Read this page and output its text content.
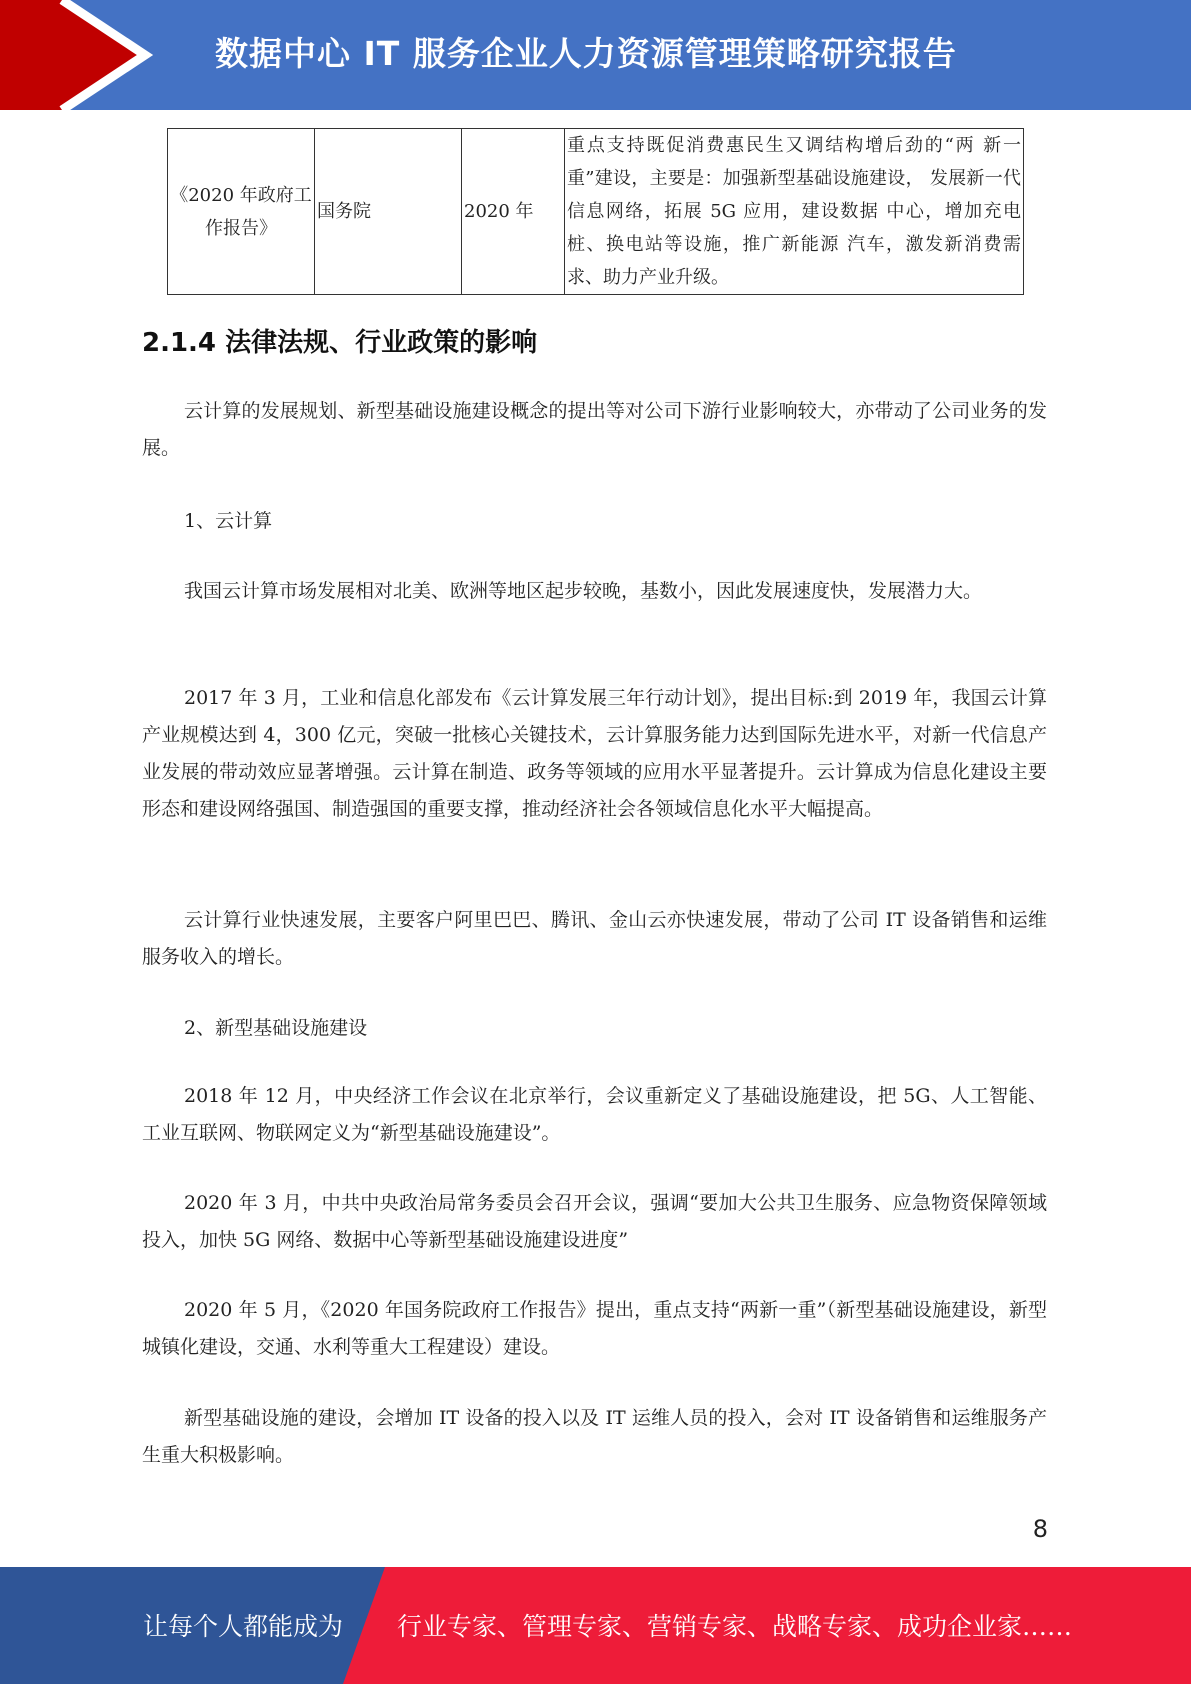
数据中心 IT 服务企业人力资源管理策略研究报告
《2020 年政府工作报告》	国务院	2020 年	重点支持既促消费惠民生又调结构增后劲的“两 新一重”建设，主要是：加强新型基础设施建设， 发展新一代信息网络，拓展 5G 应用，建设数据 中心，增加充电桩、换电站等设施，推广新能源 汽车，激发新消费需求、助力产业升级。
2.1.4 法律法规、行业政策的影响

云计算的发展规划、新型基础设施建设概念的提出等对公司下游行业影响较大，亦带动了公司业务的发展。

1、云计算

我国云计算市场发展相对北美、欧洲等地区起步较晚，基数小，因此发展速度快，发展潜力大。

2017 年 3 月，工业和信息化部发布《云计算发展三年行动计划》，提出目标:到 2019 年，我国云计算产业规模达到 4，300 亿元，突破一批核心关键技术，云计算服务能力达到国际先进水平，对新一代信息产业发展的带动效应显著增强。云计算在制造、政务等领域的应用水平显著提升。云计算成为信息化建设主要形态和建设网络强国、制造强国的重要支撑，推动经济社会各领域信息化水平大幅提高。

云计算行业快速发展，主要客户阿里巴巴、腾讯、金山云亦快速发展，带动了公司 IT 设备销售和运维服务收入的增长。

2、新型基础设施建设

2018 年 12 月，中央经济工作会议在北京举行，会议重新定义了基础设施建设，把 5G、人工智能、工业互联网、物联网定义为“新型基础设施建设”。

2020 年 3 月，中共中央政治局常务委员会召开会议，强调“要加大公共卫生服务、应急物资保障领域投入，加快 5G 网络、数据中心等新型基础设施建设进度”

2020 年 5 月，《2020 年国务院政府工作报告》提出，重点支持“两新一重”（新型基础设施建设，新型城镇化建设，交通、水利等重大工程建设）建设。

新型基础设施的建设，会增加 IT 设备的投入以及 IT 运维人员的投入，会对 IT 设备销售和运维服务产生重大积极影响。

8
让每个人都能成为 行业专家、管理专家、营销专家、战略专家、成功企业家……
